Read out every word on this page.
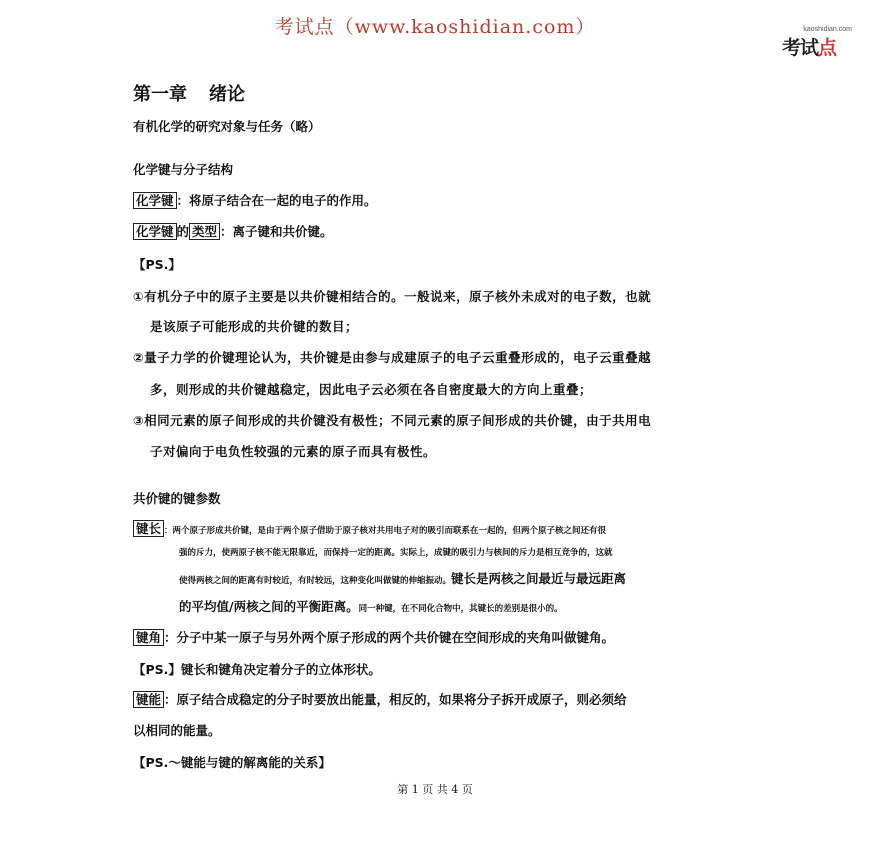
考试点（www.kaoshidian.com）	kaoshidian.com
考试点
第一章 绪论
有机化学的研究对象与任务（略）
化学键与分子结构
化学键 ：将原子结合在一起的电子的作用。
化学键 的 类型 ：离子键和共价键。
【PS.】
①有机分子中的原子主要是以共价键相结合的。一般说来，原子核外未成对的电子数，也就
是该原子可能形成的共价键的数目；
②量子力学的价键理论认为，共价键是由参与成建原子的电子云重叠形成的，电子云重叠越
多，则形成的共价键越稳定，因此电子云必须在各自密度最大的方向上重叠；
③相同元素的原子间形成的共价键没有极性；不同元素的原子间形成的共价键，由于共用电
子对偏向于电负性较强的元素的原子而具有极性。
共价键的键参数
键长 ：两个原子形成共价键，是由于两个原子借助于原子核对共用电子对的吸引而联系在一起的，但两个原子核之间还有很
强的斥力，使两原子核不能无限靠近，而保持一定的距离。实际上，成键的吸引力与核间的斥力是相互竞争的，这就
使得两核之间的距离有时较近，有时较远，这种变化叫做键的伸缩振动。键长是两核之间最近与最远距离
的平均值/两核之间的平衡距离。同一种键，在不同化合物中，其键长的差别是很小的。
键角 ：分子中某一原子与另外两个原子形成的两个共价键在空间形成的夹角叫做键角。
【PS.】键长和键角决定着分子的立体形状。
键能 ：原子结合成稳定的分子时要放出能量，相反的，如果将分子拆开成原子，则必须给
以相同的能量。
【PS.～键能与键的解离能的关系】
第 1 页 共 4 页
